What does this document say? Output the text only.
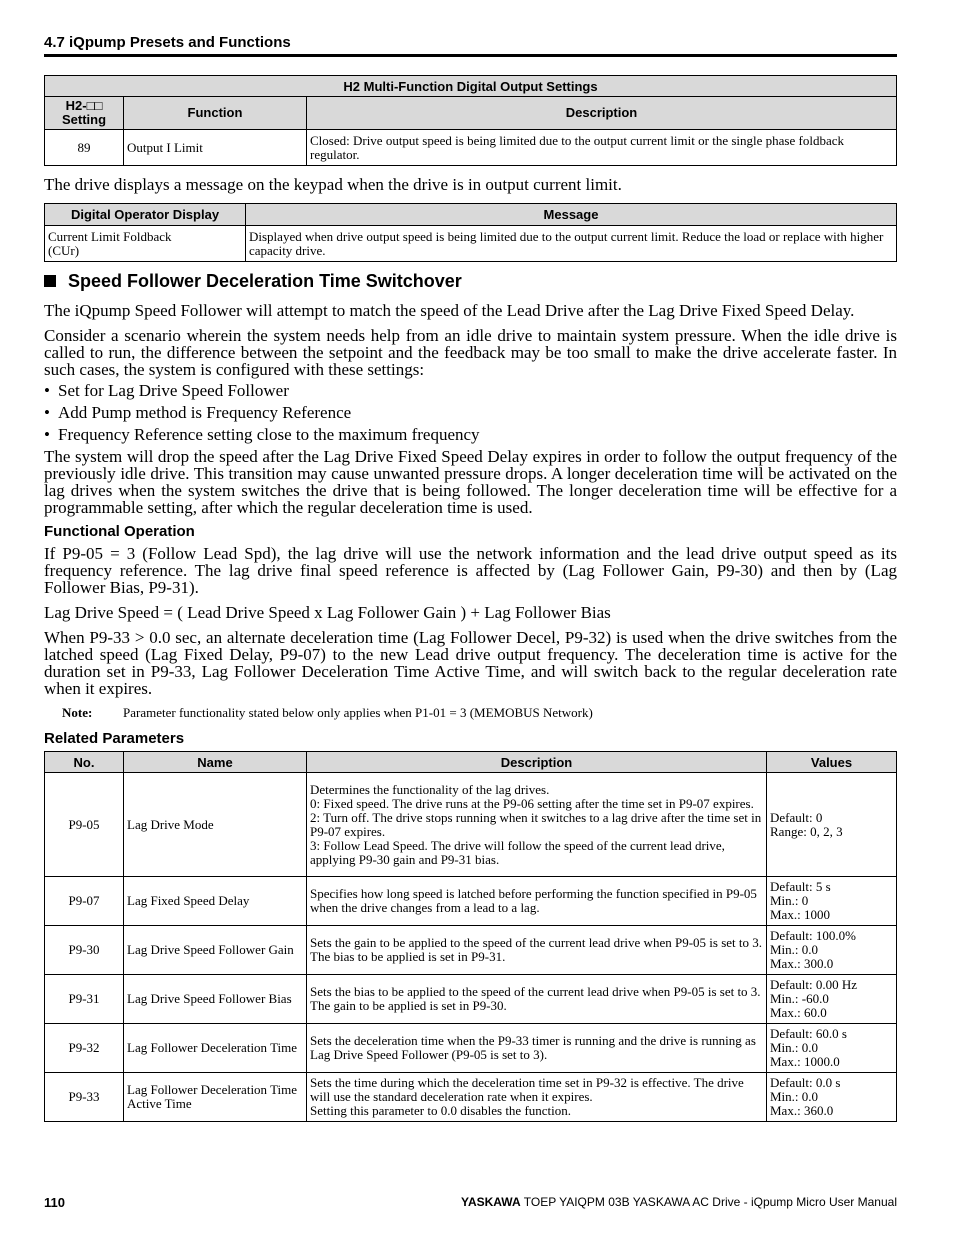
4.7 iQpump Presets and Functions
H2 Multi-Function Digital Output Settings		
H2-□□
Setting	Function	Description
89	Output I Limit	Closed: Drive output speed is being limited due to the output current limit or the single phase foldback regulator.
The drive displays a message on the keypad when the drive is in output current limit.
Digital Operator Display	Message
Current Limit Foldback
(CUr)	Displayed when drive output speed is being limited due to the output current limit. Reduce the load or replace with higher capacity drive.
Speed Follower Deceleration Time Switchover
The iQpump Speed Follower will attempt to match the speed of the Lead Drive after the Lag Drive Fixed Speed Delay.
Consider a scenario wherein the system needs help from an idle drive to maintain system pressure. When the idle drive is called to run, the difference between the setpoint and the feedback may be too small to make the drive accelerate faster. In such cases, the system is configured with these settings:
• Set for Lag Drive Speed Follower
• Add Pump method is Frequency Reference
• Frequency Reference setting close to the maximum frequency
The system will drop the speed after the Lag Drive Fixed Speed Delay expires in order to follow the output frequency of the previously idle drive. This transition may cause unwanted pressure drops. A longer deceleration time will be activated on the lag drives when the system switches the drive that is being followed. The longer deceleration time will be effective for a programmable setting, after which the regular deceleration time is used.
Functional Operation
If P9-05 = 3 (Follow Lead Spd), the lag drive will use the network information and the lead drive output speed as its frequency reference. The lag drive final speed reference is affected by (Lag Follower Gain, P9-30) and then by (Lag Follower Bias, P9-31).
Lag Drive Speed = ( Lead Drive Speed x Lag Follower Gain ) + Lag Follower Bias
When P9-33 > 0.0 sec, an alternate deceleration time (Lag Follower Decel, P9-32) is used when the drive switches from the latched speed (Lag Fixed Delay, P9-07) to the new Lead drive output frequency. The deceleration time is active for the duration set in P9-33, Lag Follower Deceleration Time Active Time, and will switch back to the regular deceleration rate when it expires.
Note: Parameter functionality stated below only applies when P1-01 = 3 (MEMOBUS Network)
Related Parameters
No.	Name	Description	Values
P9-05	Lag Drive Mode	Determines the functionality of the lag drives.
0: Fixed speed. The drive runs at the P9-06 setting after the time set in P9-07 expires.
2: Turn off. The drive stops running when it switches to a lag drive after the time set in P9-07 expires.
3: Follow Lead Speed. The drive will follow the speed of the current lead drive, applying P9-30 gain and P9-31 bias.	Default: 0
Range: 0, 2, 3
P9-07	Lag Fixed Speed Delay	Specifies how long speed is latched before performing the function specified in P9-05 when the drive changes from a lead to a lag.	Default: 5 s
Min.: 0
Max.: 1000
P9-30	Lag Drive Speed Follower Gain	Sets the gain to be applied to the speed of the current lead drive when P9-05 is set to 3. The bias to be applied is set in P9-31.	Default: 100.0%
Min.: 0.0
Max.: 300.0
P9-31	Lag Drive Speed Follower Bias	Sets the bias to be applied to the speed of the current lead drive when P9-05 is set to 3. The gain to be applied is set in P9-30.	Default: 0.00 Hz
Min.: -60.0
Max.: 60.0
P9-32	Lag Follower Deceleration Time	Sets the deceleration time when the P9-33 timer is running and the drive is running as Lag Drive Speed Follower (P9-05 is set to 3).	Default: 60.0 s
Min.: 0.0
Max.: 1000.0
P9-33	Lag Follower Deceleration Time Active Time	Sets the time during which the deceleration time set in P9-32 is effective. The drive will use the standard deceleration rate when it expires.
Setting this parameter to 0.0 disables the function.	Default: 0.0 s
Min.: 0.0
Max.: 360.0
110	YASKAWA TOEP YAIQPM 03B YASKAWA AC Drive - iQpump Micro User Manual
